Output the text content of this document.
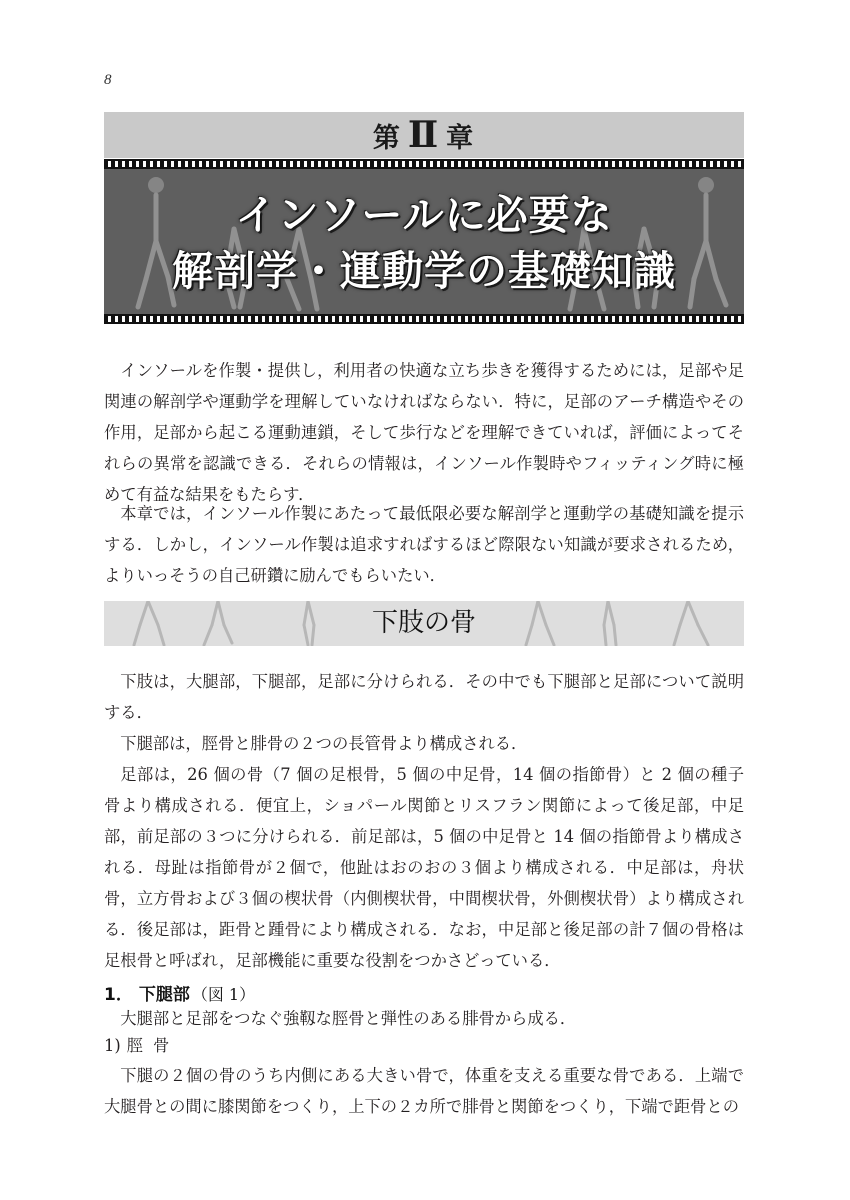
8
第 Ⅱ 章
インソールに必要な
解剖学・運動学の基礎知識

インソールを作製・提供し，利用者の快適な立ち歩きを獲得するためには，足部や足関連の解剖学や運動学を理解していなければならない．特に，足部のアーチ構造やその作用，足部から起こる運動連鎖，そして歩行などを理解できていれば，評価によってそれらの異常を認識できる．それらの情報は，インソール作製時やフィッティング時に極めて有益な結果をもたらす．

本章では，インソール作製にあたって最低限必要な解剖学と運動学の基礎知識を提示する．しかし，インソール作製は追求すればするほど際限ない知識が要求されるため，よりいっそうの自己研鑽に励んでもらいたい．

下肢の骨

下肢は，大腿部，下腿部，足部に分けられる．その中でも下腿部と足部について説明する．

下腿部は，脛骨と腓骨の２つの長管骨より構成される．

足部は，26 個の骨（7 個の足根骨，5 個の中足骨，14 個の指節骨）と 2 個の種子骨より構成される．便宜上，ショパール関節とリスフラン関節によって後足部，中足部，前足部の３つに分けられる．前足部は，5 個の中足骨と 14 個の指節骨より構成される．母趾は指節骨が２個で，他趾はおのおの３個より構成される．中足部は，舟状骨，立方骨および３個の楔状骨（内側楔状骨，中間楔状骨，外側楔状骨）より構成される．後足部は，距骨と踵骨により構成される．なお，中足部と後足部の計７個の骨格は足根骨と呼ばれ，足部機能に重要な役割をつかさどっている．

1． 下腿部 （図 1）

大腿部と足部をつなぐ強靱な脛骨と弾性のある腓骨から成る．

1) 脛骨

下腿の２個の骨のうち内側にある大きい骨で，体重を支える重要な骨である．上端で大腿骨との間に膝関節をつくり，上下の２カ所で腓骨と関節をつくり，下端で距骨との
